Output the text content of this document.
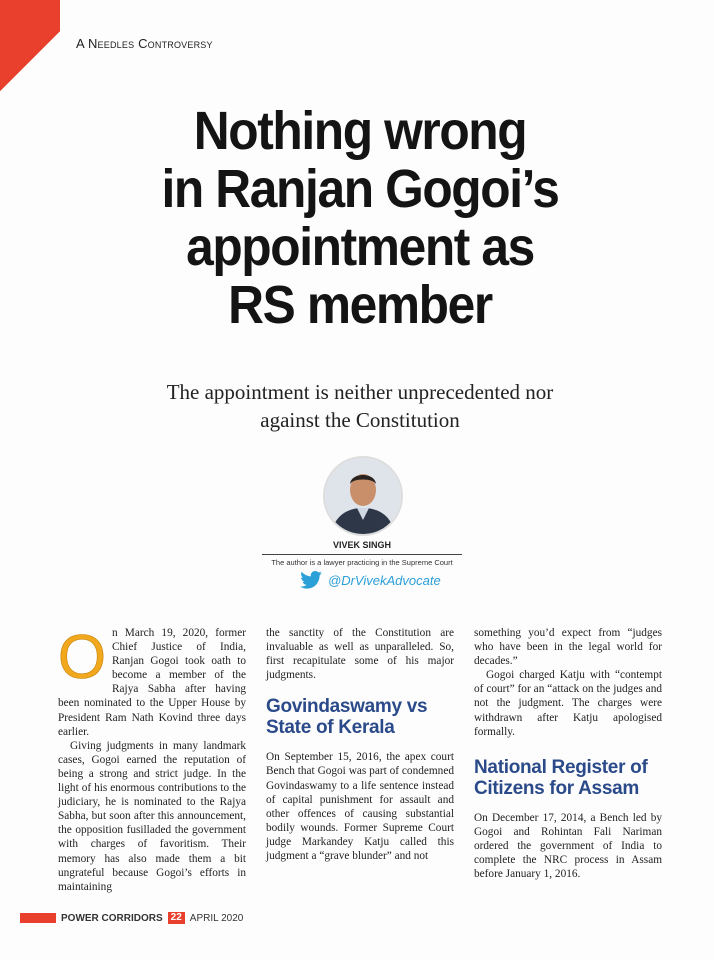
A Needles Controversy
Nothing wrong
in Ranjan Gogoi’s
appointment as
RS member
The appointment is neither unprecedented nor
against the Constitution
VIVEK SINGH
The author is a lawyer practicing in the Supreme Court
@DrVivekAdvocate
O n March 19, 2020, former Chief Justice of India, Ranjan Gogoi took oath to become a member of the Rajya Sabha after having been nominated to the Upper House by President Ram Nath Kovind three days earlier.

Giving judgments in many landmark cases, Gogoi earned the reputation of being a strong and strict judge. In the light of his enormous contributions to the judiciary, he is nominated to the Rajya Sabha, but soon after this announcement, the opposition fusilladed the government with charges of favoritism. Their memory has also made them a bit ungrateful because Gogoi’s efforts in maintaining

the sanctity of the Constitution are invaluable as well as unparalleled. So, first recapitulate some of his major judgments.

Govindaswamy vs State of Kerala

On September 15, 2016, the apex court Bench that Gogoi was part of condemned Govindaswamy to a life sentence instead of capital punishment for assault and other offences of causing substantial bodily wounds. Former Supreme Court judge Markandey Katju called this judgment a “grave blunder” and not

something you’d expect from “judges who have been in the legal world for decades.”

Gogoi charged Katju with “contempt of court” for an “attack on the judges and not the judgment. The charges were withdrawn after Katju apologised formally.

National Register of Citizens for Assam

On December 17, 2014, a Bench led by Gogoi and Rohintan Fali Nariman ordered the government of India to complete the NRC process in Assam before January 1, 2016.

POWER CORRIDORS 22 APRIL 2020
